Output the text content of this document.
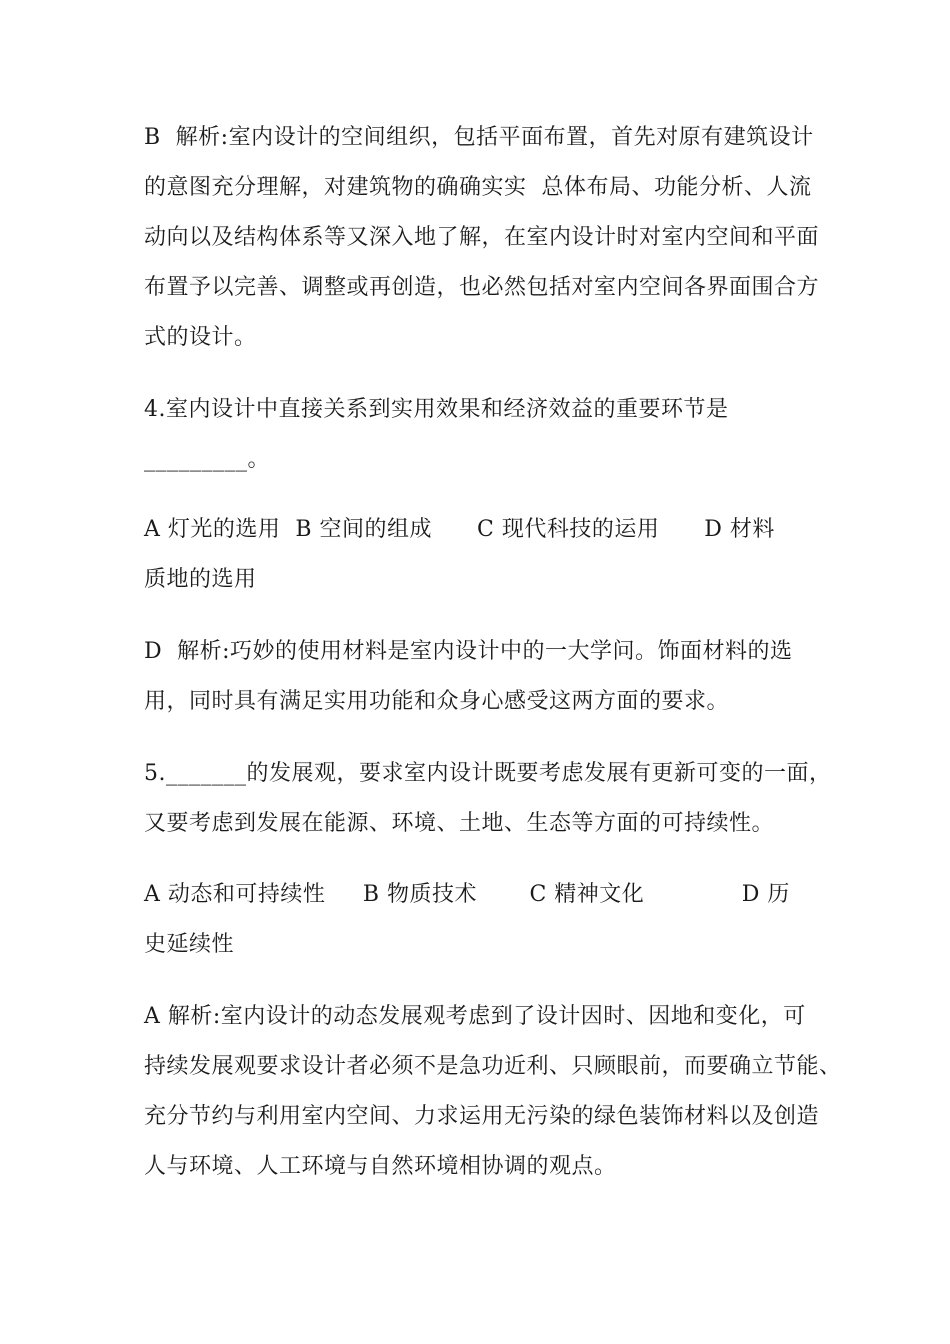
B  解析:室内设计的空间组织，包括平面布置，首先对原有建筑设计
的意图充分理解，对建筑物的确确实实  总体布局、功能分析、人流
动向以及结构体系等又深入地了解，在室内设计时对室内空间和平面
布置予以完善、调整或再创造，也必然包括对室内空间各界面围合方
式的设计。
4.室内设计中直接关系到实用效果和经济效益的重要环节是
_________。
A 灯光的选用  B 空间的组成      C 现代科技的运用      D 材料
质地的选用
D  解析:巧妙的使用材料是室内设计中的一大学问。饰面材料的选
用，同时具有满足实用功能和众身心感受这两方面的要求。
5._______的发展观，要求室内设计既要考虑发展有更新可变的一面，
又要考虑到发展在能源、环境、土地、生态等方面的可持续性。
A 动态和可持续性     B 物质技术       C 精神文化             D 历
史延续性
A 解析:室内设计的动态发展观考虑到了设计因时、因地和变化，可
持续发展观要求设计者必须不是急功近利、只顾眼前，而要确立节能、
充分节约与利用室内空间、力求运用无污染的绿色装饰材料以及创造
人与环境、人工环境与自然环境相协调的观点。
